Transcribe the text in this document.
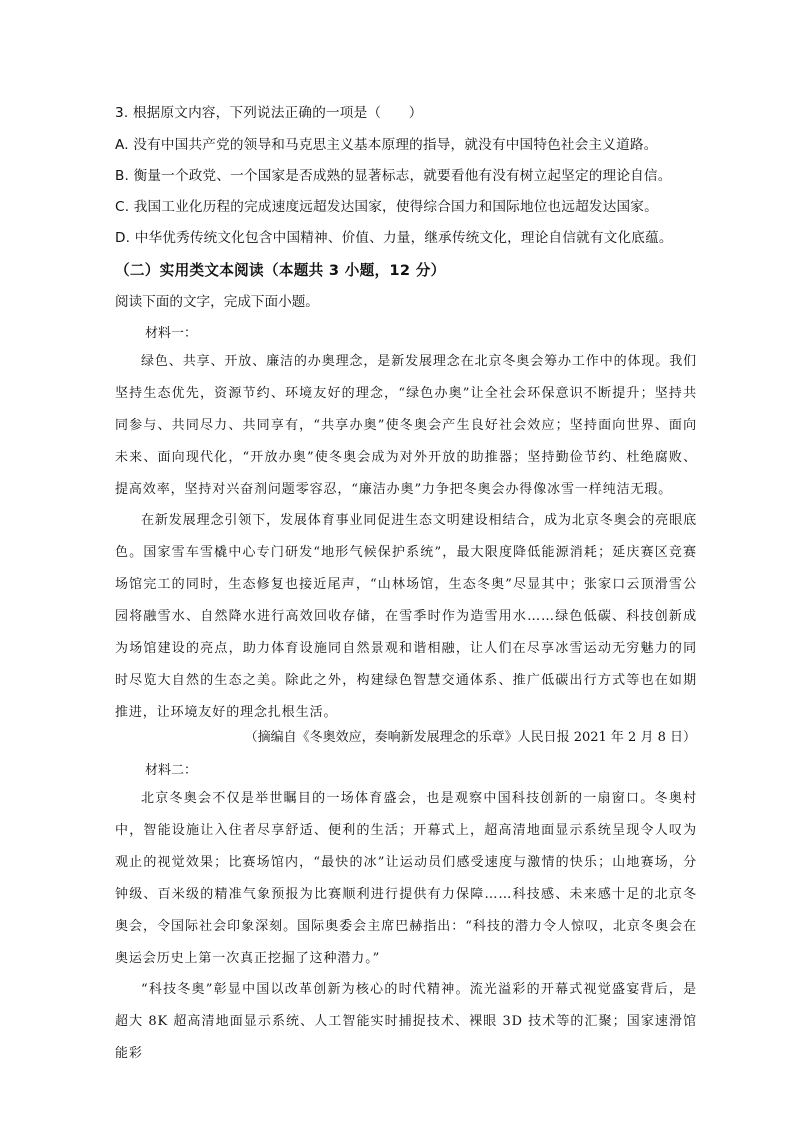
3. 根据原文内容，下列说法正确的一项是（　　）
A. 没有中国共产党的领导和马克思主义基本原理的指导，就没有中国特色社会主义道路。
B. 衡量一个政党、一个国家是否成熟的显著标志，就要看他有没有树立起坚定的理论自信。
C. 我国工业化历程的完成速度远超发达国家，使得综合国力和国际地位也远超发达国家。
D. 中华优秀传统文化包含中国精神、价值、力量，继承传统文化，理论自信就有文化底蕴。
（二）实用类文本阅读（本题共 3 小题，12 分）
阅读下面的文字，完成下面小题。
材料一：

绿色、共享、开放、廉洁的办奥理念，是新发展理念在北京冬奥会筹办工作中的体现。我们坚持生态优先，资源节约、环境友好的理念，“绿色办奥”让全社会环保意识不断提升；坚持共同参与、共同尽力、共同享有，“共享办奥”使冬奥会产生良好社会效应；坚持面向世界、面向未来、面向现代化，“开放办奥”使冬奥会成为对外开放的助推器；坚持勤俭节约、杜绝腐败、提高效率，坚持对兴奋剂问题零容忍，“廉洁办奥”力争把冬奥会办得像冰雪一样纯洁无瑕。

在新发展理念引领下，发展体育事业同促进生态文明建设相结合，成为北京冬奥会的亮眼底色。国家雪车雪橇中心专门研发“地形气候保护系统”，最大限度降低能源消耗；延庆赛区竞赛场馆完工的同时，生态修复也接近尾声，“山林场馆，生态冬奥”尽显其中；张家口云顶滑雪公园将融雪水、自然降水进行高效回收存储，在雪季时作为造雪用水……绿色低碳、科技创新成为场馆建设的亮点，助力体育设施同自然景观和谐相融，让人们在尽享冰雪运动无穷魅力的同时尽览大自然的生态之美。除此之外，构建绿色智慧交通体系、推广低碳出行方式等也在如期推进，让环境友好的理念扎根生活。

（摘编自《冬奥效应，奏响新发展理念的乐章》人民日报 2021 年 2 月 8 日）
材料二：

北京冬奥会不仅是举世瞩目的一场体育盛会，也是观察中国科技创新的一扇窗口。冬奥村中，智能设施让入住者尽享舒适、便利的生活；开幕式上，超高清地面显示系统呈现令人叹为观止的视觉效果；比赛场馆内，“最快的冰”让运动员们感受速度与激情的快乐；山地赛场，分钟级、百米级的精准气象预报为比赛顺利进行提供有力保障……科技感、未来感十足的北京冬奥会，令国际社会印象深刻。国际奥委会主席巴赫指出：“科技的潜力令人惊叹，北京冬奥会在奥运会历史上第一次真正挖掘了这种潜力。”

“科技冬奥”彰显中国以改革创新为核心的时代精神。流光溢彩的开幕式视觉盛宴背后，是超大 8K 超高清地面显示系统、人工智能实时捕捉技术、裸眼 3D 技术等的汇聚；国家速滑馆能彩
